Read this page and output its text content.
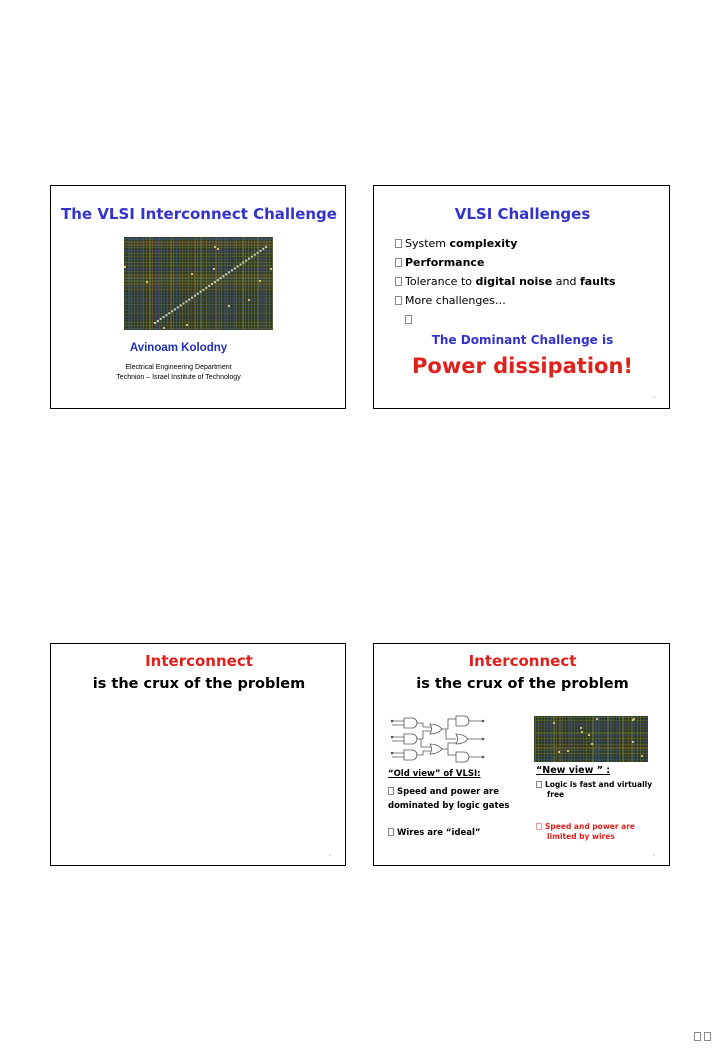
The VLSI Interconnect Challenge
Avinoam Kolodny
Electrical Engineering Department
Technion – Israel Institute of Technology
VLSI Challenges
System complexity
Performance
Tolerance to digital noise and faults
More challenges…
The Dominant Challenge is
Power dissipation!
•
Interconnect
is the crux of the problem
•
Interconnect
is the crux of the problem
“Old view” of VLSI:
Speed and power are dominated by logic gates
Wires are “ideal”
“New view ” :
Logic is fast and virtually free
Speed and power are limited by wires
•
